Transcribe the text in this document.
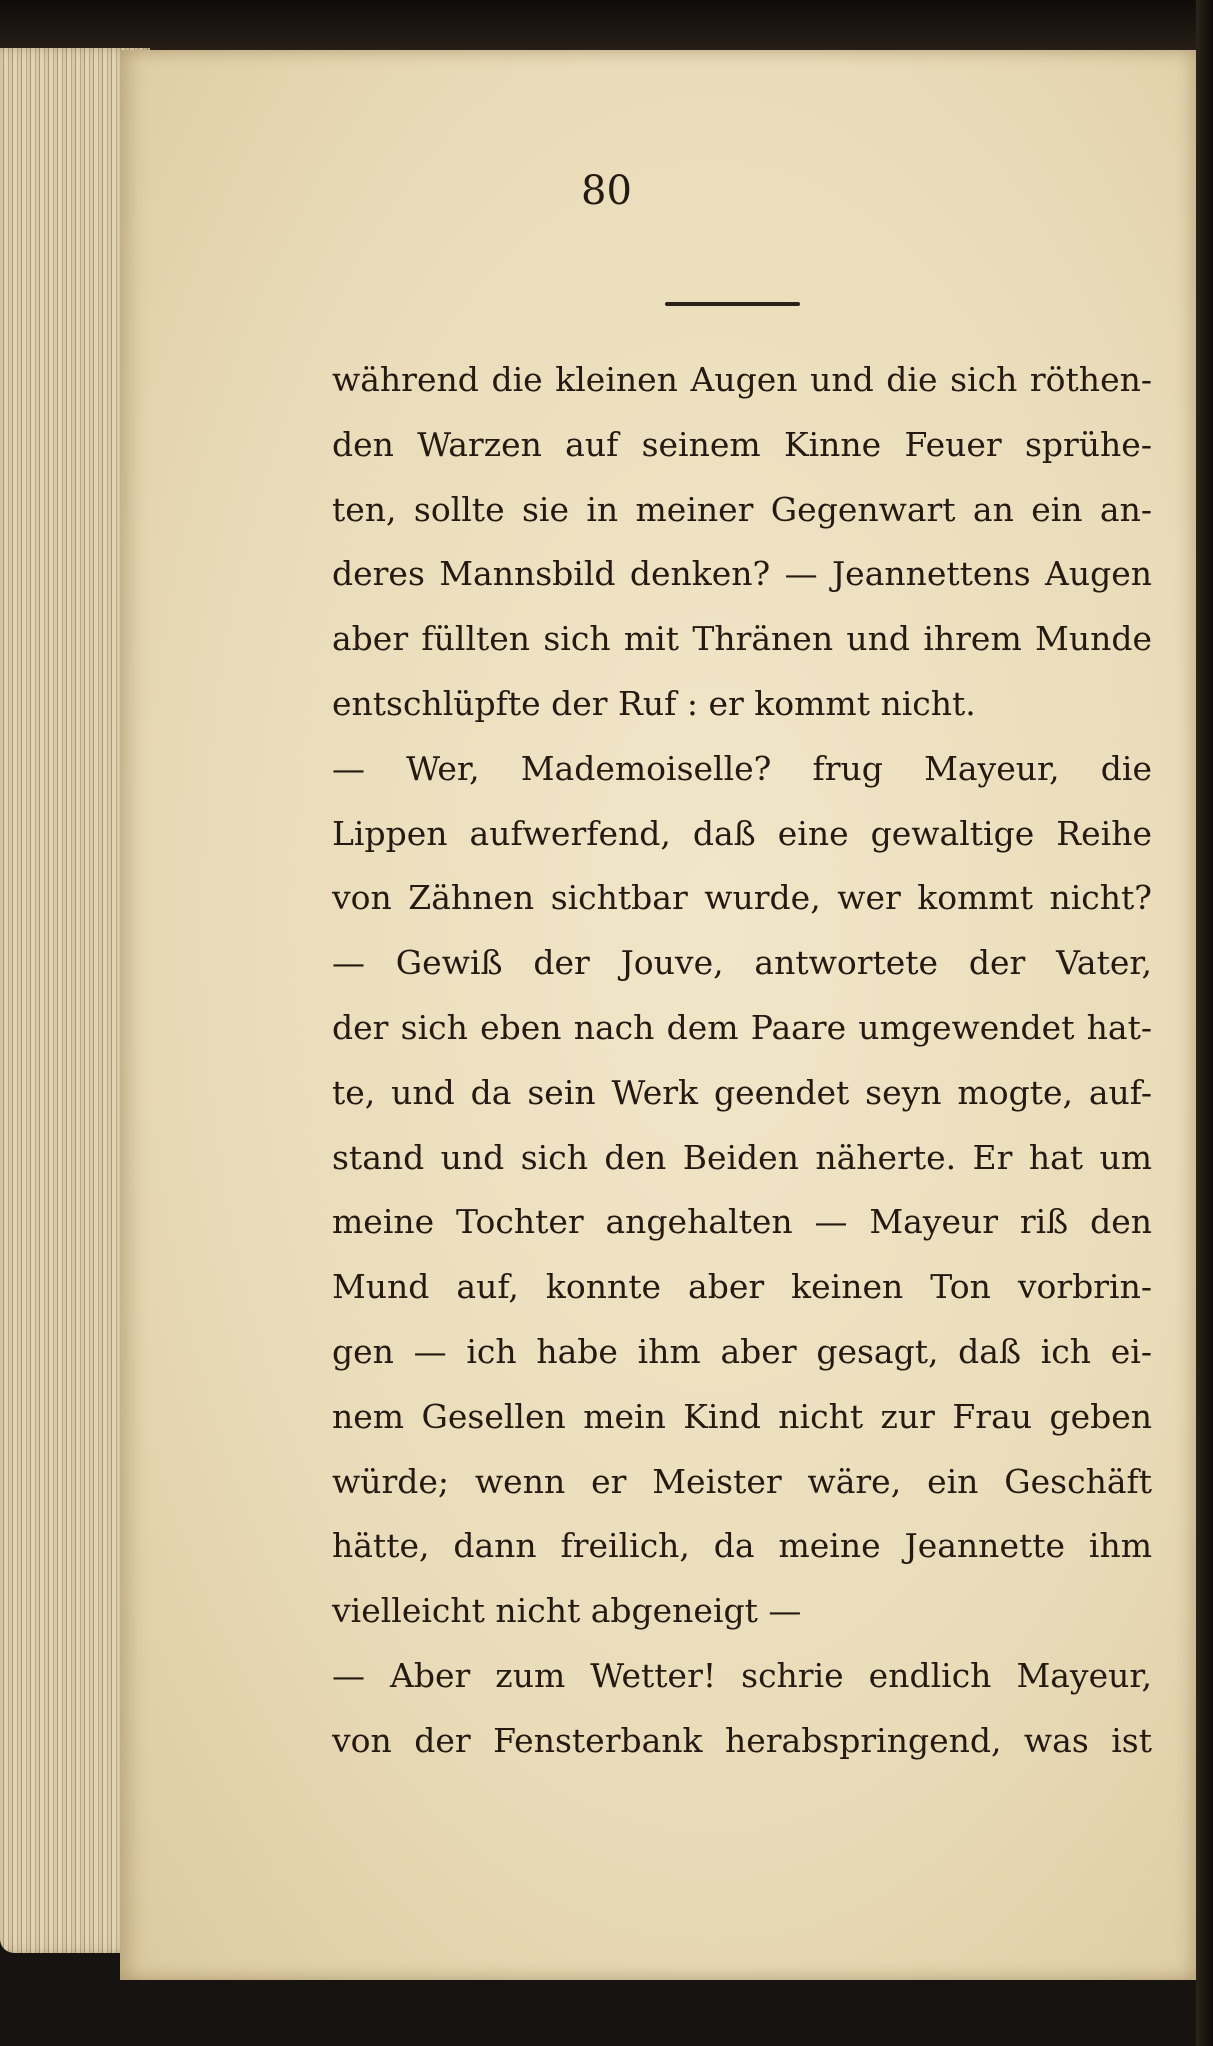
80
während die kleinen Augen und die sich röthen-
den Warzen auf seinem Kinne Feuer sprühe-
ten, sollte sie in meiner Gegenwart an ein an-
deres Mannsbild denken? — Jeannettens Augen
aber füllten sich mit Thränen und ihrem Munde
entschlüpfte der Ruf : er kommt nicht.
— Wer, Mademoiselle? frug Mayeur, die
Lippen aufwerfend, daß eine gewaltige Reihe
von Zähnen sichtbar wurde, wer kommt nicht?
— Gewiß der Jouve, antwortete der Vater,
der sich eben nach dem Paare umgewendet hat-
te, und da sein Werk geendet seyn mogte, auf-
stand und sich den Beiden näherte. Er hat um
meine Tochter angehalten — Mayeur riß den
Mund auf, konnte aber keinen Ton vorbrin-
gen — ich habe ihm aber gesagt, daß ich ei-
nem Gesellen mein Kind nicht zur Frau geben
würde; wenn er Meister wäre, ein Geschäft
hätte, dann freilich, da meine Jeannette ihm
vielleicht nicht abgeneigt —
— Aber zum Wetter! schrie endlich Mayeur,
von der Fensterbank herabspringend, was ist
